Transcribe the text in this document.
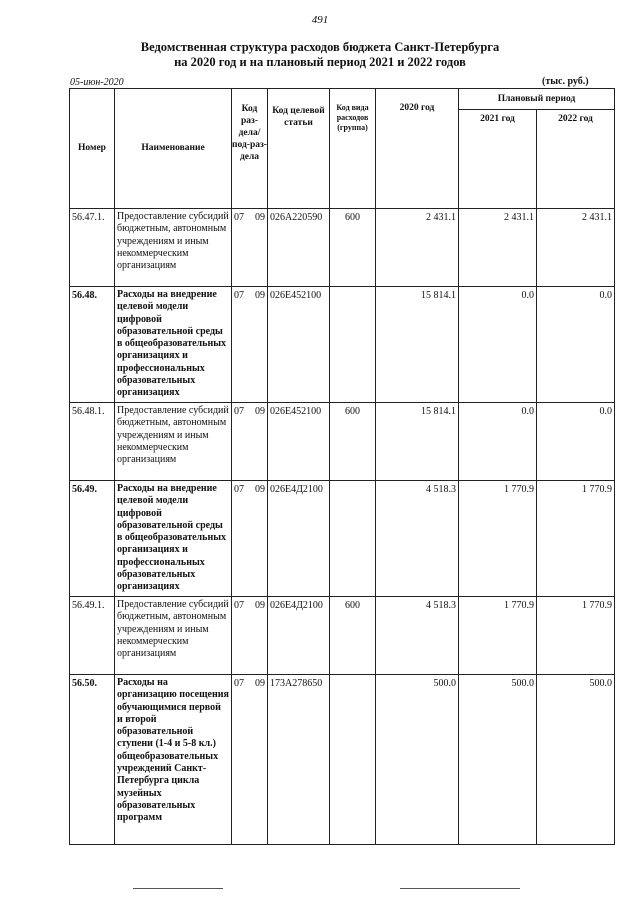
491
Ведомственная структура расходов бюджета Санкт-Петербурга
на 2020 год и на плановый период 2021 и 2022 годов
05-июн-2020	(тыс. руб.)
Номер	Наименование	Код раз-дела/ под-раз-дела	Код целевой статьи	Код вида расходов (группа)	2020 год	Плановый период	
						2021 год	2022 год
56.47.1.	Предоставление субсидий бюджетным, автономным учреждениям и иным некоммерческим организациям	07 09	026А220590	600	2 431.1	2 431.1	2 431.1
56.48.	Расходы на внедрение целевой модели цифровой образовательной среды в общеобразовательных организациях и профессиональных образовательных организациях	07 09	026Е452100		15 814.1	0.0	0.0
56.48.1.	Предоставление субсидий бюджетным, автономным учреждениям и иным некоммерческим организациям	07 09	026Е452100	600	15 814.1	0.0	0.0
56.49.	Расходы на внедрение целевой модели цифровой образовательной среды в общеобразовательных организациях и профессиональных образовательных организациях	07 09	026Е4Д2100		4 518.3	1 770.9	1 770.9
56.49.1.	Предоставление субсидий бюджетным, автономным учреждениям и иным некоммерческим организациям	07 09	026Е4Д2100	600	4 518.3	1 770.9	1 770.9
56.50.	Расходы на организацию посещения обучающимися первой и второй образовательной ступени (1-4 и 5-8 кл.) общеобразовательных учреждений Санкт-Петербурга цикла музейных образовательных программ	07 09	173А278650		500.0	500.0	500.0
